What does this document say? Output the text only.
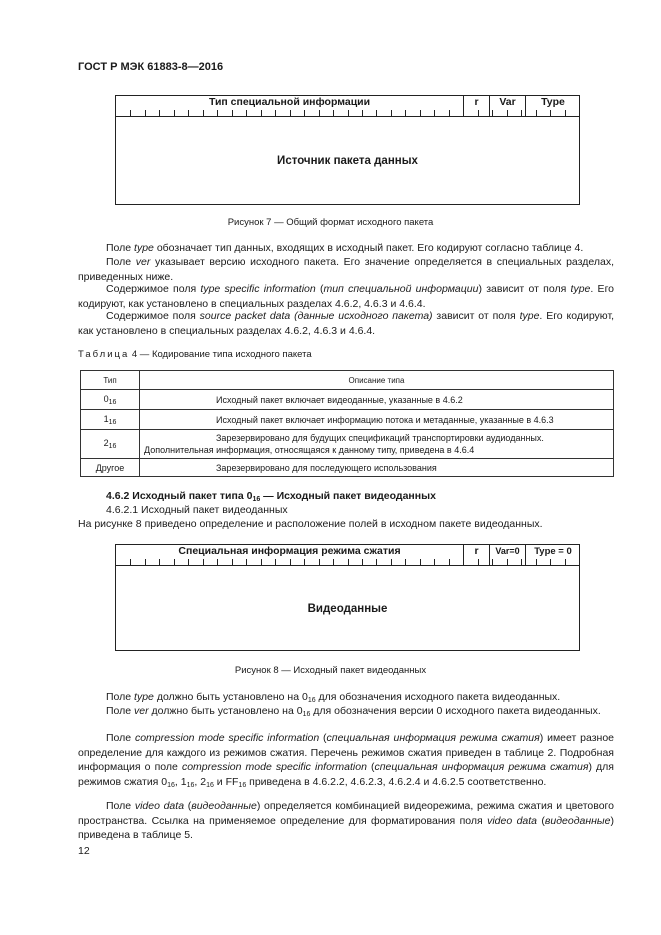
ГОСТ Р МЭК 61883-8—2016
Тип специальной информации	r	Var	Type
Источник пакета данных
Рисунок 7 — Общий формат исходного пакета
Поле type обозначает тип данных, входящих в исходный пакет. Его кодируют согласно таблице 4.
Поле ver указывает версию исходного пакета. Его значение определяется в специальных разделах, приведенных ниже.
Содержимое поля type specific information (тип специальной информации) зависит от поля type. Его кодируют, как установлено в специальных разделах 4.6.2, 4.6.3 и 4.6.4.
Содержимое поля source packet data (данные исходного пакета) зависит от поля type. Его кодируют, как установлено в специальных разделах 4.6.2, 4.6.3 и 4.6.4.
Таблица 4 — Кодирование типа исходного пакета
Тип	Описание типа
$0_{16}$	Исходный пакет включает видеоданные, указанные в 4.6.2
$1_{16}$	Исходный пакет включает информацию потока и метаданные, указанные в 4.6.3
$2_{16}$	Зарезервировано для будущих спецификаций транспортировки аудиоданных. Дополнительная информация, относящаяся к данному типу, приведена в 4.6.4
Другое	Зарезервировано для последующего использования
4.6.2 Исходный пакет типа $0_{16}$ — Исходный пакет видеоданных
4.6.2.1 Исходный пакет видеоданных
На рисунке 8 приведено определение и расположение полей в исходном пакете видеоданных.
Специальная информация режима сжатия	r	Var=0	Type = 0
Видеоданные
Рисунок 8 — Исходный пакет видеоданных
Поле type должно быть установлено на $0_{16}$ для обозначения исходного пакета видеоданных.
Поле ver должно быть установлено на $0_{16}$ для обозначения версии 0 исходного пакета видеоданных.
Поле compression mode specific information (специальная информация режима сжатия) имеет разное определение для каждого из режимов сжатия. Перечень режимов сжатия приведен в таблице 2. Подробная информация о поле compression mode specific information (специальная информация режима сжатия) для режимов сжатия $0_{16}$, $1_{16}$, $2_{16}$ и $FF_{16}$ приведена в 4.6.2.2, 4.6.2.3, 4.6.2.4 и 4.6.2.5 соответственно.
Поле video data (видеоданные) определяется комбинацией видеорежима, режима сжатия и цветового пространства. Ссылка на применяемое определение для форматирования поля video data (видеоданные) приведена в таблице 5.
12
